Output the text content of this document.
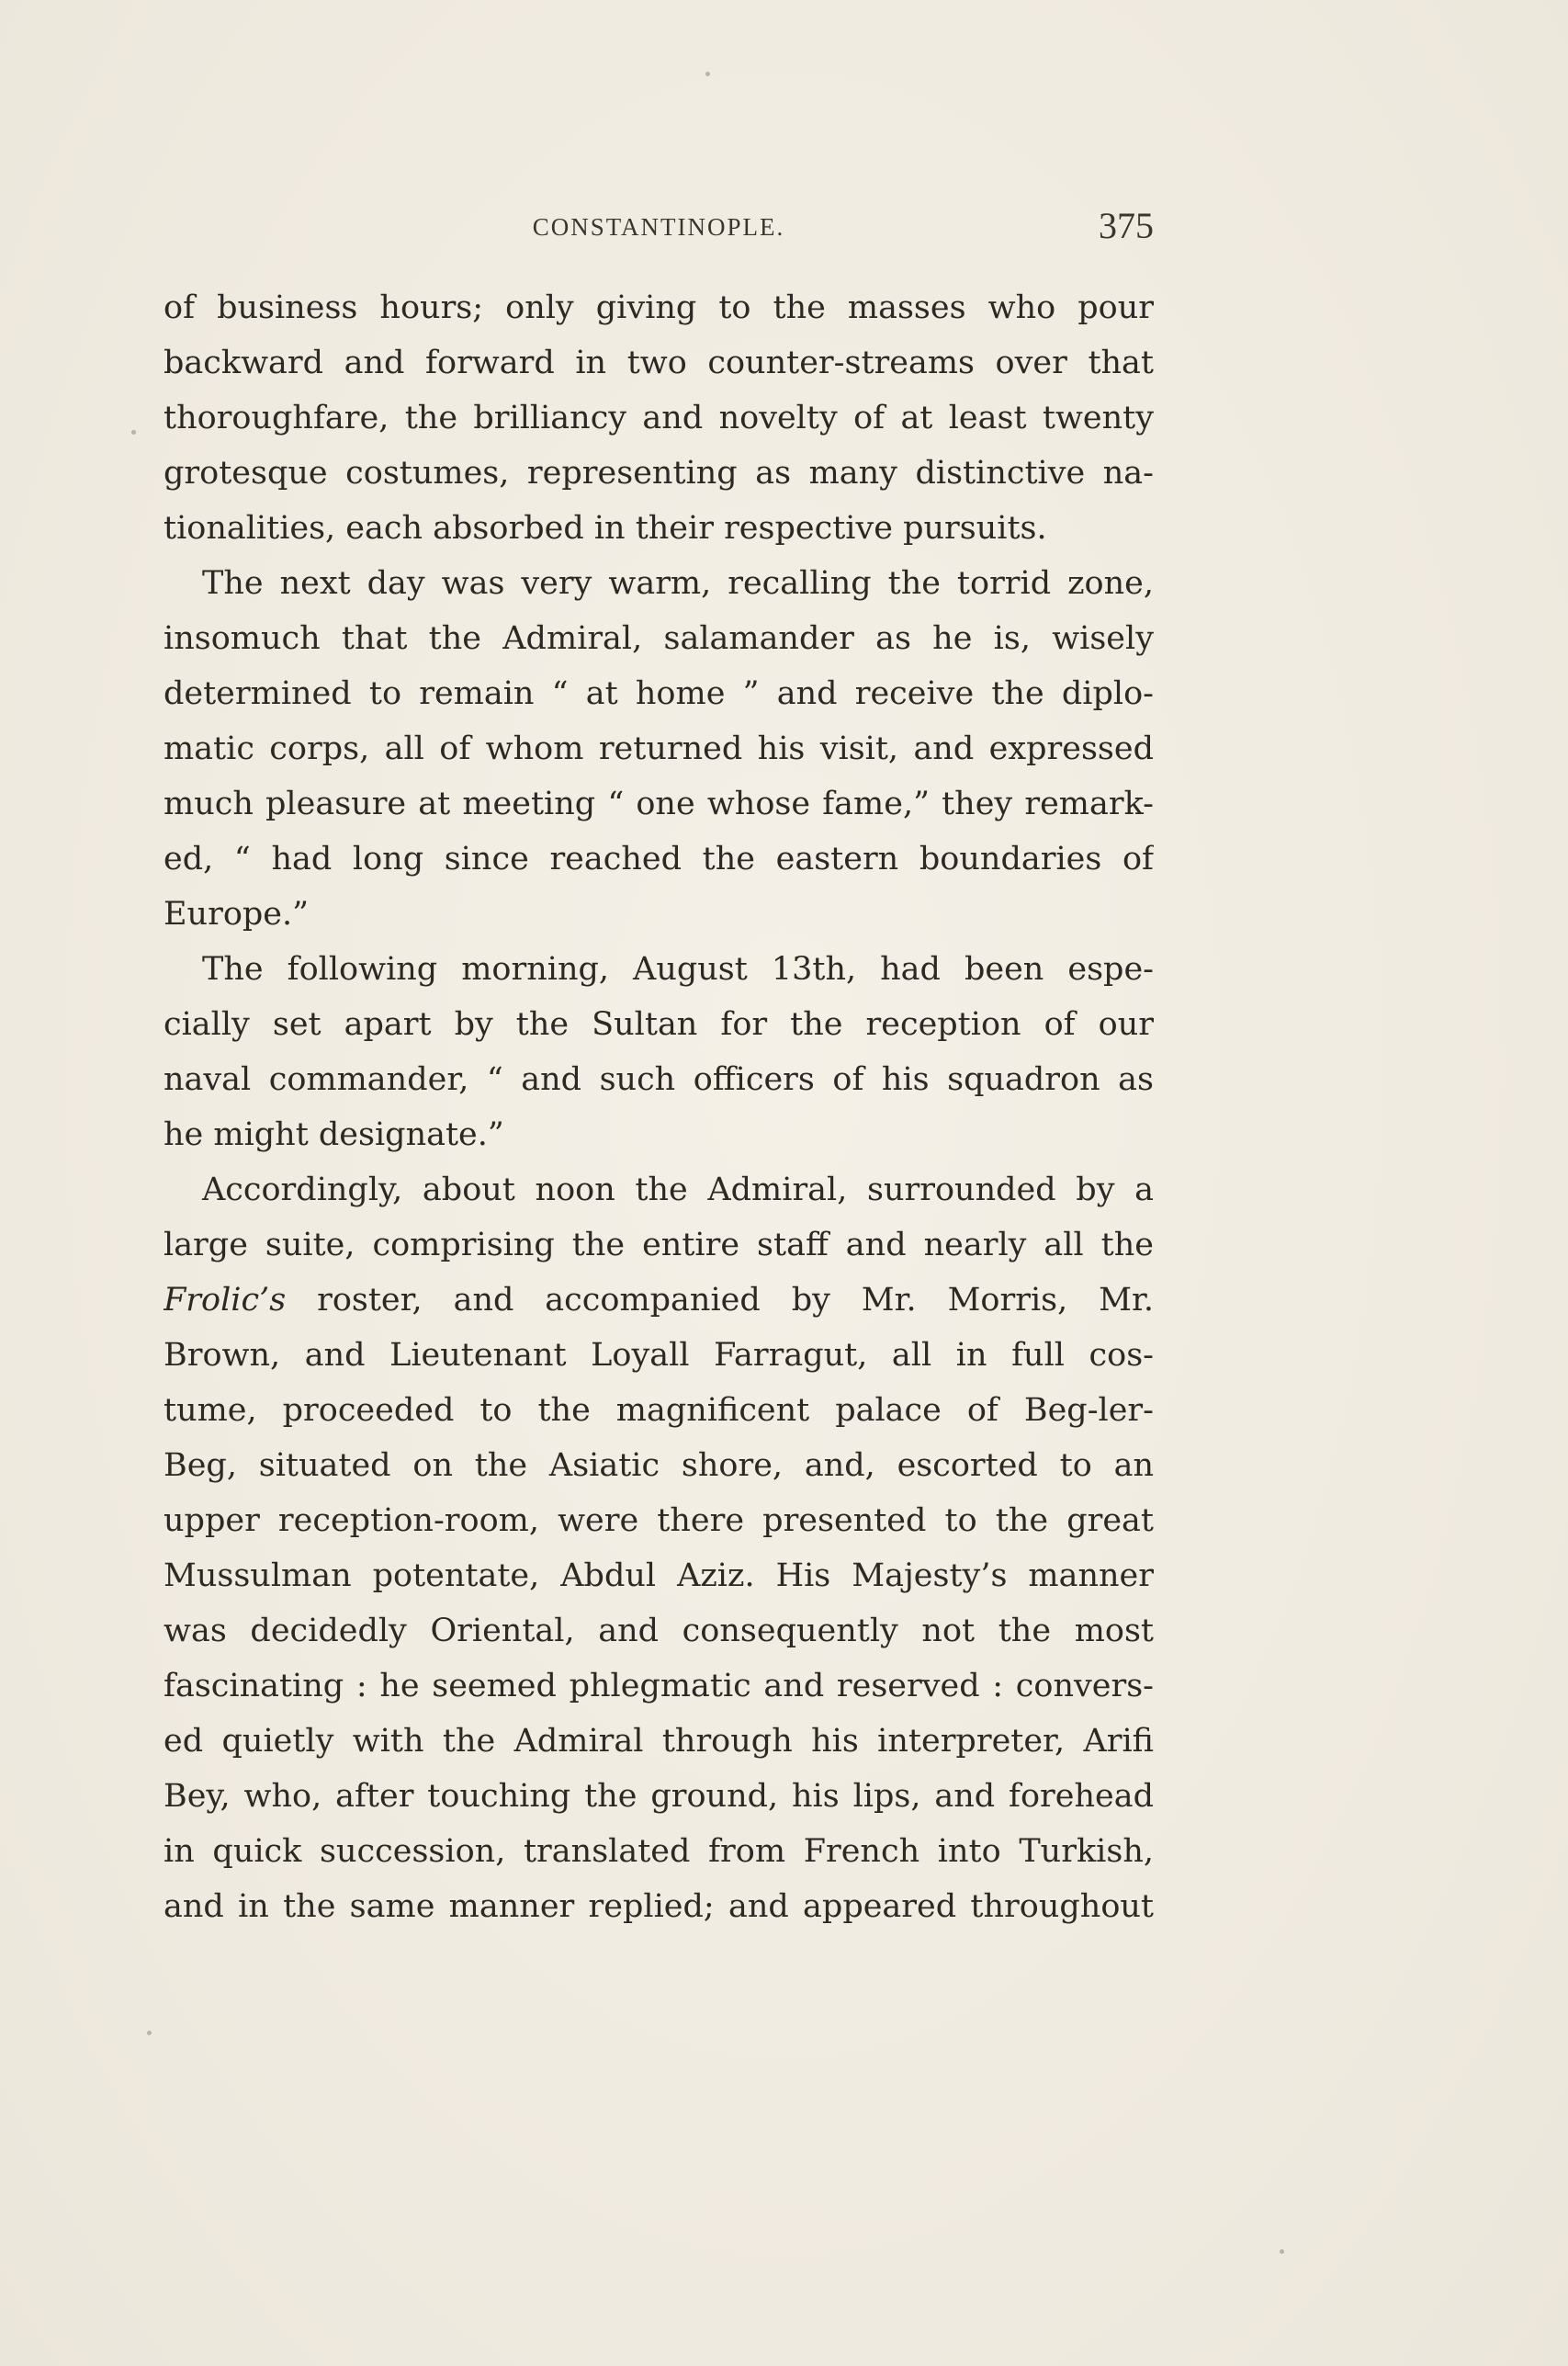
CONSTANTINOPLE.	375
of business hours; only giving to the masses who pour
backward and forward in two counter-streams over that
thoroughfare, the brilliancy and novelty of at least twenty
grotesque costumes, representing as many distinctive na-
tionalities, each absorbed in their respective pursuits.
The next day was very warm, recalling the torrid zone,
insomuch that the Admiral, salamander as he is, wisely
determined to remain “ at home ” and receive the diplo-
matic corps, all of whom returned his visit, and expressed
much pleasure at meeting “ one whose fame,” they remark-
ed, “ had long since reached the eastern boundaries of
Europe.”
The following morning, August 13th, had been espe-
cially set apart by the Sultan for the reception of our
naval commander, “ and such officers of his squadron as
he might designate.”
Accordingly, about noon the Admiral, surrounded by a
large suite, comprising the entire staff and nearly all the
Frolic’s roster, and accompanied by Mr. Morris, Mr.
Brown, and Lieutenant Loyall Farragut, all in full cos-
tume, proceeded to the magnificent palace of Beg-ler-
Beg, situated on the Asiatic shore, and, escorted to an
upper reception-room, were there presented to the great
Mussulman potentate, Abdul Aziz. His Majesty’s manner
was decidedly Oriental, and consequently not the most
fascinating : he seemed phlegmatic and reserved : convers-
ed quietly with the Admiral through his interpreter, Arifi
Bey, who, after touching the ground, his lips, and forehead
in quick succession, translated from French into Turkish,
and in the same manner replied; and appeared throughout
